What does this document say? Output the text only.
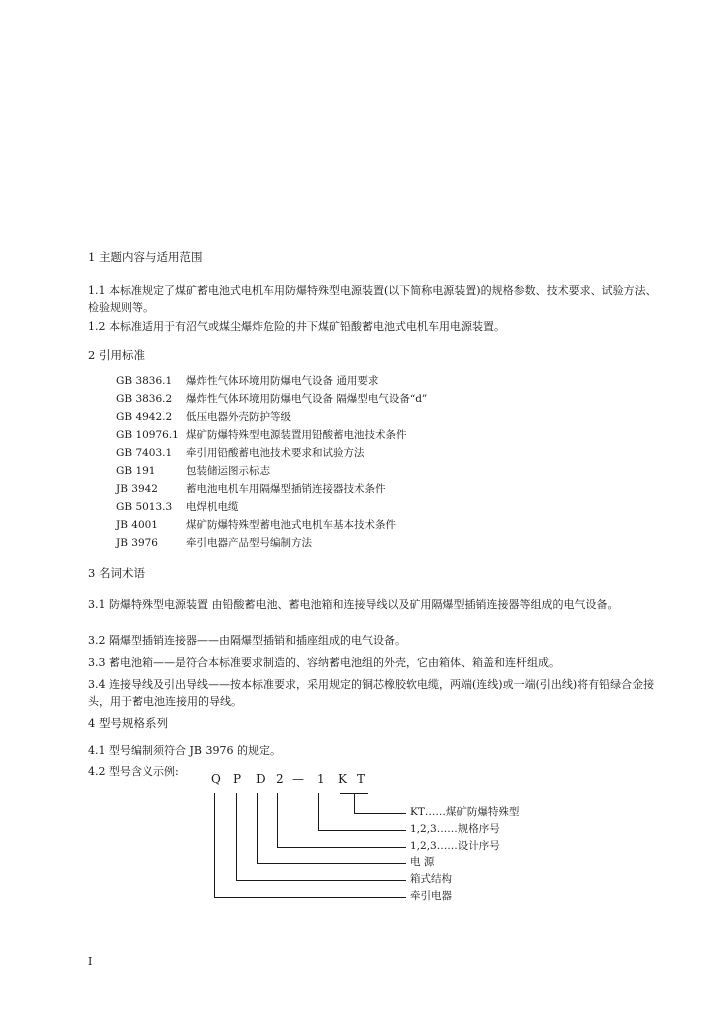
1 主题内容与适用范围
1.1 本标准规定了煤矿蓄电池式电机车用防爆特殊型电源装置(以下简称电源装置)的规格参数、技术要求、试验方法、检验规则等。
1.2 本标准适用于有沼气或煤尘爆炸危险的井下煤矿铅酸蓄电池式电机车用电源装置。
2 引用标准
GB 3836.1	爆炸性气体环境用防爆电气设备 通用要求
GB 3836.2	爆炸性气体环境用防爆电气设备 隔爆型电气设备“d”
GB 4942.2	低压电器外壳防护等级
GB 10976.1 煤矿防爆特殊型电源装置用铅酸蓄电池技术条件
GB 7403.1	牵引用铅酸蓄电池技术要求和试验方法
GB 191	包装储运图示标志
JB 3942	蓄电池电机车用隔爆型插销连接器技术条件
GB 5013.3	电焊机电缆
JB 4001	煤矿防爆特殊型蓄电池式电机车基本技术条件
JB 3976	牵引电器产品型号编制方法
3 名词术语
3.1 防爆特殊型电源装置 由铅酸蓄电池、蓄电池箱和连接导线以及矿用隔爆型插销连接器等组成的电气设备。
3.2 隔爆型插销连接器——由隔爆型插销和插座组成的电气设备。
3.3 蓄电池箱——是符合本标准要求制造的、容纳蓄电池组的外壳，它由箱体、箱盖和连杆组成。
3.4 连接导线及引出导线——按本标准要求，采用规定的铜芯橡胶软电缆，两端(连线)或一端(引出线)将有铅绿合金接头，用于蓄电池连接用的导线。
4 型号规格系列
4.1 型号编制须符合 JB 3976 的规定。
4.2 型号含义示例:
Q P D 2 — 1 K T
KT……煤矿防爆特殊型
1,2,3……规格序号
1,2,3……设计序号
电 源
箱式结构
牵引电器
I
